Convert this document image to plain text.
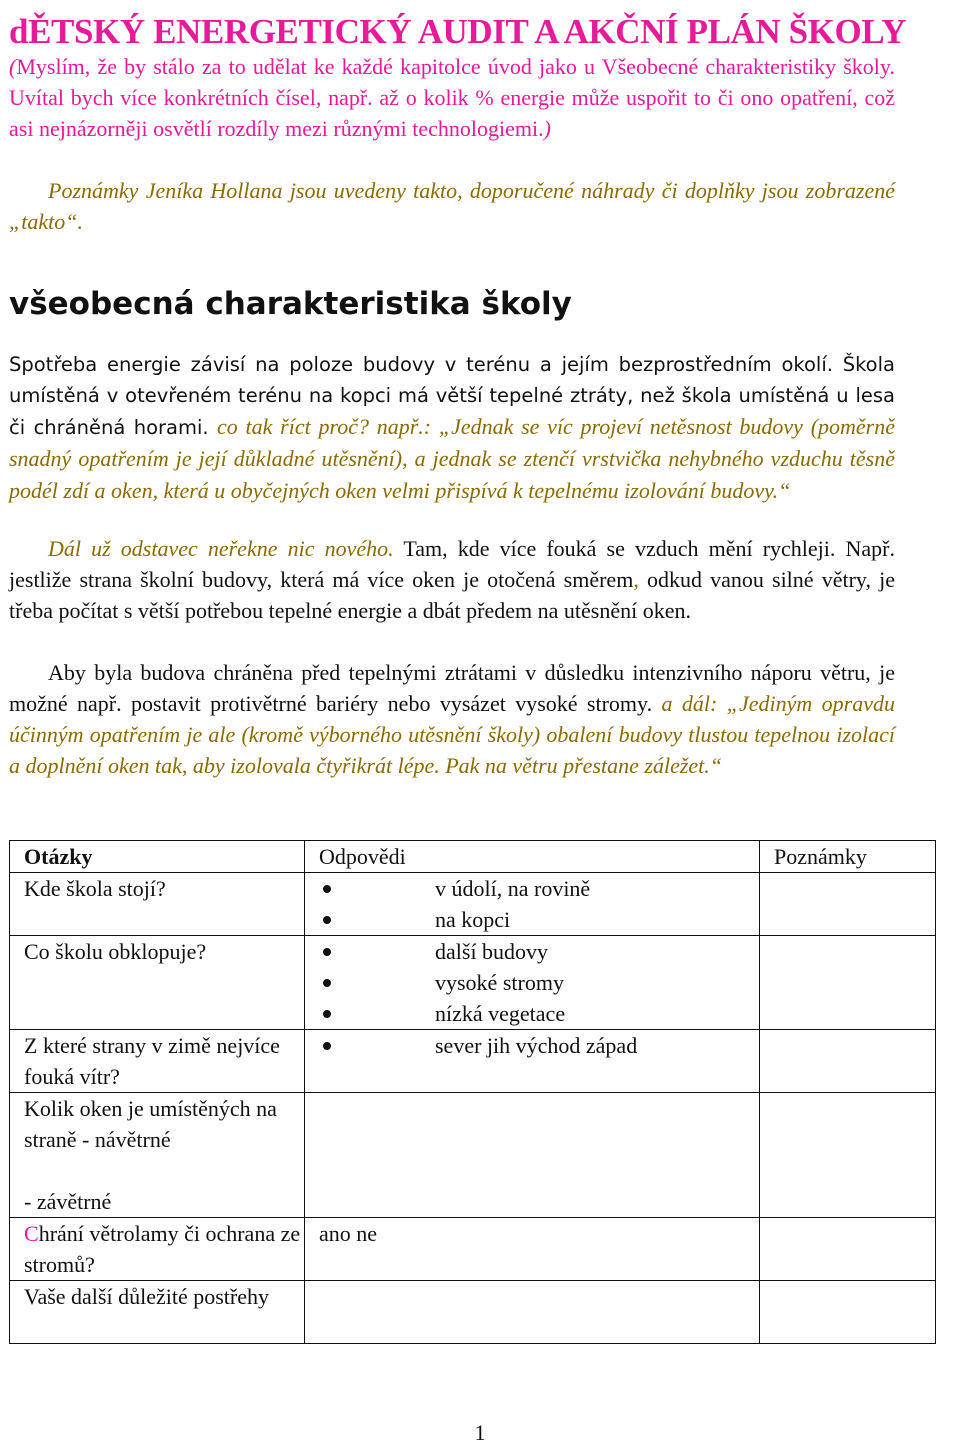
dĚTSKÝ ENERGETICKÝ AUDIT A AKČNÍ PLÁN ŠKOLY
(Myslím, že by stálo za to udělat ke každé kapitolce úvod jako u Všeobecné charakteristiky školy. Uvítal bych více konkrétních čísel, např. až o kolik % energie může uspořit to či ono opatření, což asi nejnázorněji osvětlí rozdíly mezi různými technologiemi.)
Poznámky Jeníka Hollana jsou uvedeny takto, doporučené náhrady či doplňky jsou zobrazené „takto“.
všeobecná charakteristika školy
Spotřeba energie závisí na poloze budovy v terénu a jejím bezprostředním okolí. Škola umístěná v otevřeném terénu na kopci má větší tepelné ztráty, než škola umístěná u lesa či chráněná horami. co tak říct proč? např.: „Jednak se víc projeví netěsnost budovy (poměrně snadný opatřením je její důkladné utěsnění), a jednak se ztenčí vrstvička nehybného vzduchu těsně podél zdí a oken, která u obyčejných oken velmi přispívá k tepelnému izolování budovy.“
Dál už odstavec neřekne nic nového. Tam, kde více fouká se vzduch mění rychleji. Např. jestliže strana školní budovy, která má více oken je otočená směrem, odkud vanou silné větry, je třeba počítat s větší potřebou tepelné energie a dbát předem na utěsnění oken.
Aby byla budova chráněna před tepelnými ztrátami v důsledku intenzivního náporu větru, je možné např. postavit protivětrné bariéry nebo vysázet vysoké stromy. a dál: „Jediným opravdu účinným opatřením je ale (kromě výborného utěsnění školy) obalení budovy tlustou tepelnou izolací a doplnění oken tak, aby izolovala čtyřikrát lépe. Pak na větru přestane záležet.“
Otázky	Odpovědi	Poznámky
Kde škola stojí?	v údolí, na rovině
na kopci	

Co školu obklopuje?	další budovy
vysoké stromy
nízká vegetace	

Z které strany v zimě nejvíce fouká vítr?	sever jih východ západ	

Kolik oken je umístěných na straně - návětrné
- závětrné		

Chrání větrolamy či ochrana ze stromů?	ano ne	
Vaše další důležité postřehy		
1
